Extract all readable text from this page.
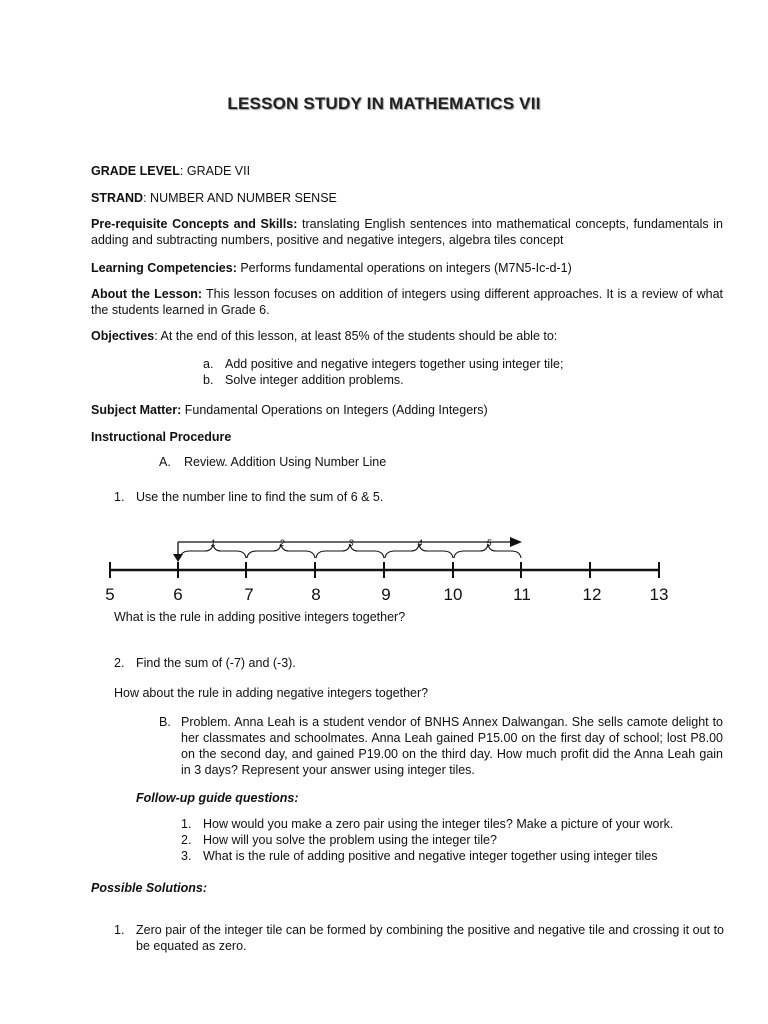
LESSON STUDY IN MATHEMATICS VII
GRADE LEVEL: GRADE VII
STRAND: NUMBER AND NUMBER SENSE
Pre-requisite Concepts and Skills: translating English sentences into mathematical concepts, fundamentals in adding and subtracting numbers, positive and negative integers, algebra tiles concept
Learning Competencies: Performs fundamental operations on integers (M7N5-Ic-d-1)
About the Lesson: This lesson focuses on addition of integers using different approaches. It is a review of what the students learned in Grade 6.
Objectives: At the end of this lesson, at least 85% of the students should be able to:
a. Add positive and negative integers together using integer tile;
b. Solve integer addition problems.
Subject Matter: Fundamental Operations on Integers (Adding Integers)
Instructional Procedure
A.	Review. Addition Using Number Line
1. Use the number line to find the sum of 6 & 5.
5	6	7	8	9	10	11	12	13
1	2	3	4	5
What is the rule in adding positive integers together?
2. Find the sum of (-7) and (-3).
How about the rule in adding negative integers together?
B. Problem. Anna Leah is a student vendor of BNHS Annex Dalwangan. She sells camote delight to her classmates and schoolmates. Anna Leah gained P15.00 on the first day of school; lost P8.00 on the second day, and gained P19.00 on the third day. How much profit did the Anna Leah gain in 3 days? Represent your answer using integer tiles.
Follow-up guide questions:
1. How would you make a zero pair using the integer tiles? Make a picture of your work.
2. How will you solve the problem using the integer tile?
3. What is the rule of adding positive and negative integer together using integer tiles
Possible Solutions:
1. Zero pair of the integer tile can be formed by combining the positive and negative tile and crossing it out to be equated as zero.
